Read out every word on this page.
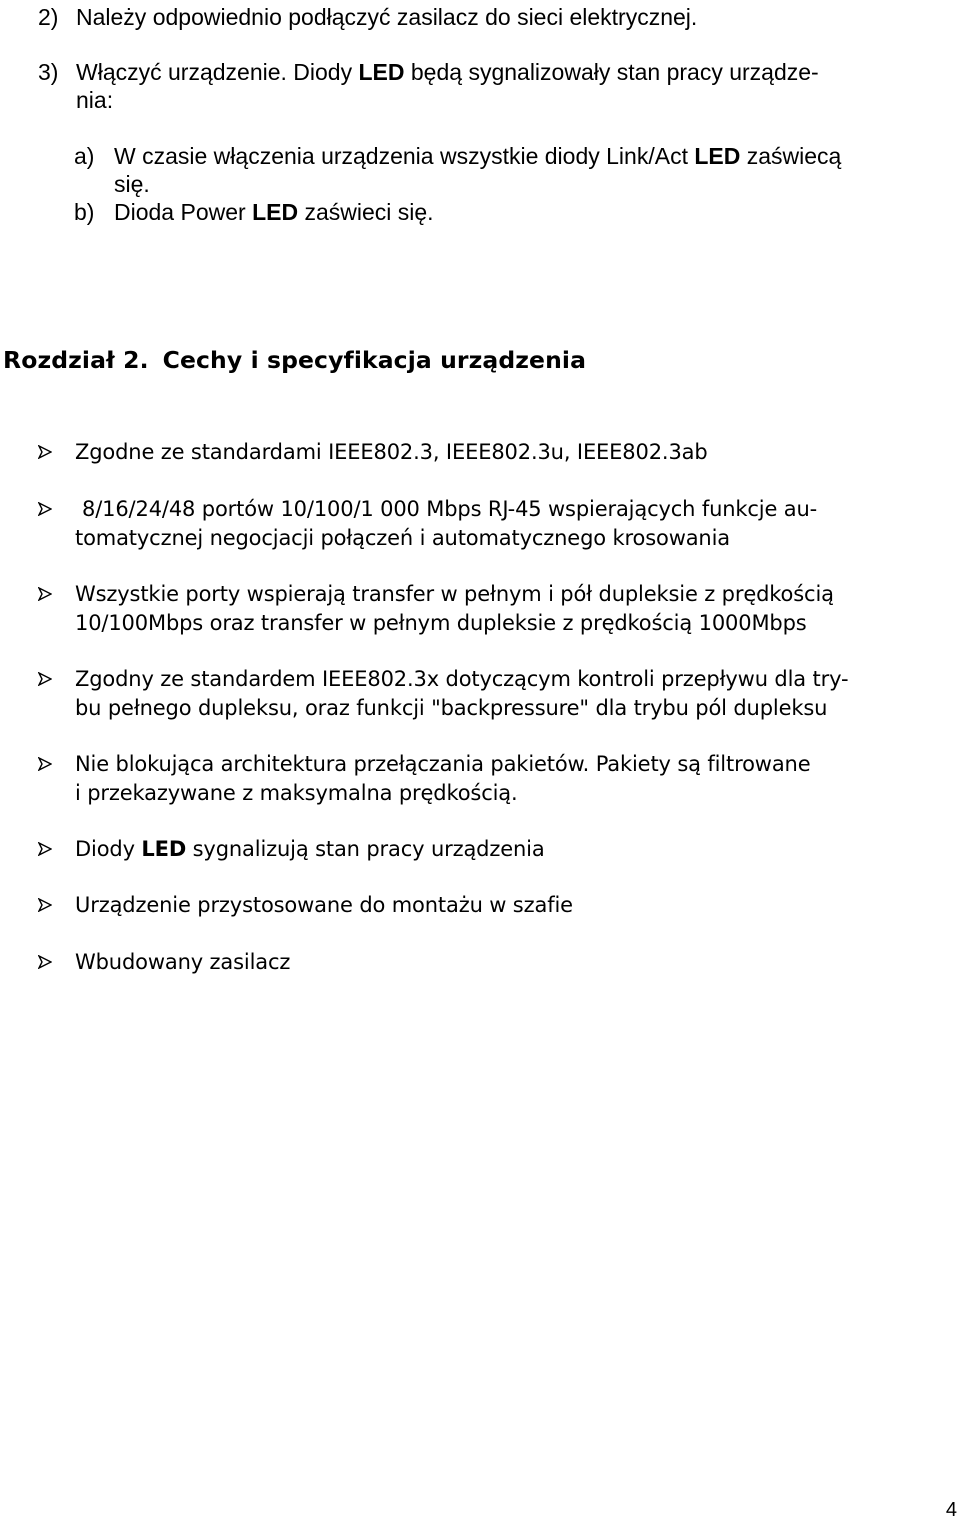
2) Należy odpowiednio podłączyć zasilacz do sieci elektrycznej.
3) Włączyć urządzenie. Diody LED będą sygnalizowały stan pracy urządze-
nia:
a) W czasie włączenia urządzenia wszystkie diody Link/Act LED zaświecą
się.
b) Dioda Power LED zaświeci się.
Rozdział 2. Cechy i specyfikacja urządzenia
Zgodne ze standardami IEEE802.3, IEEE802.3u, IEEE802.3ab
8/16/24/48 portów 10/100/1 000 Mbps RJ-45 wspierających funkcje au-
tomatycznej negocjacji połączeń i automatycznego krosowania
Wszystkie porty wspierają transfer w pełnym i pół dupleksie z prędkością
10/100Mbps oraz transfer w pełnym dupleksie z prędkością 1000Mbps
Zgodny ze standardem IEEE802.3x dotyczącym kontroli przepływu dla try-
bu pełnego dupleksu, oraz funkcji "backpressure" dla trybu pól dupleksu
Nie blokująca architektura przełączania pakietów. Pakiety są filtrowane
i przekazywane z maksymalna prędkością.
Diody LED sygnalizują stan pracy urządzenia
Urządzenie przystosowane do montażu w szafie
Wbudowany zasilacz
4
